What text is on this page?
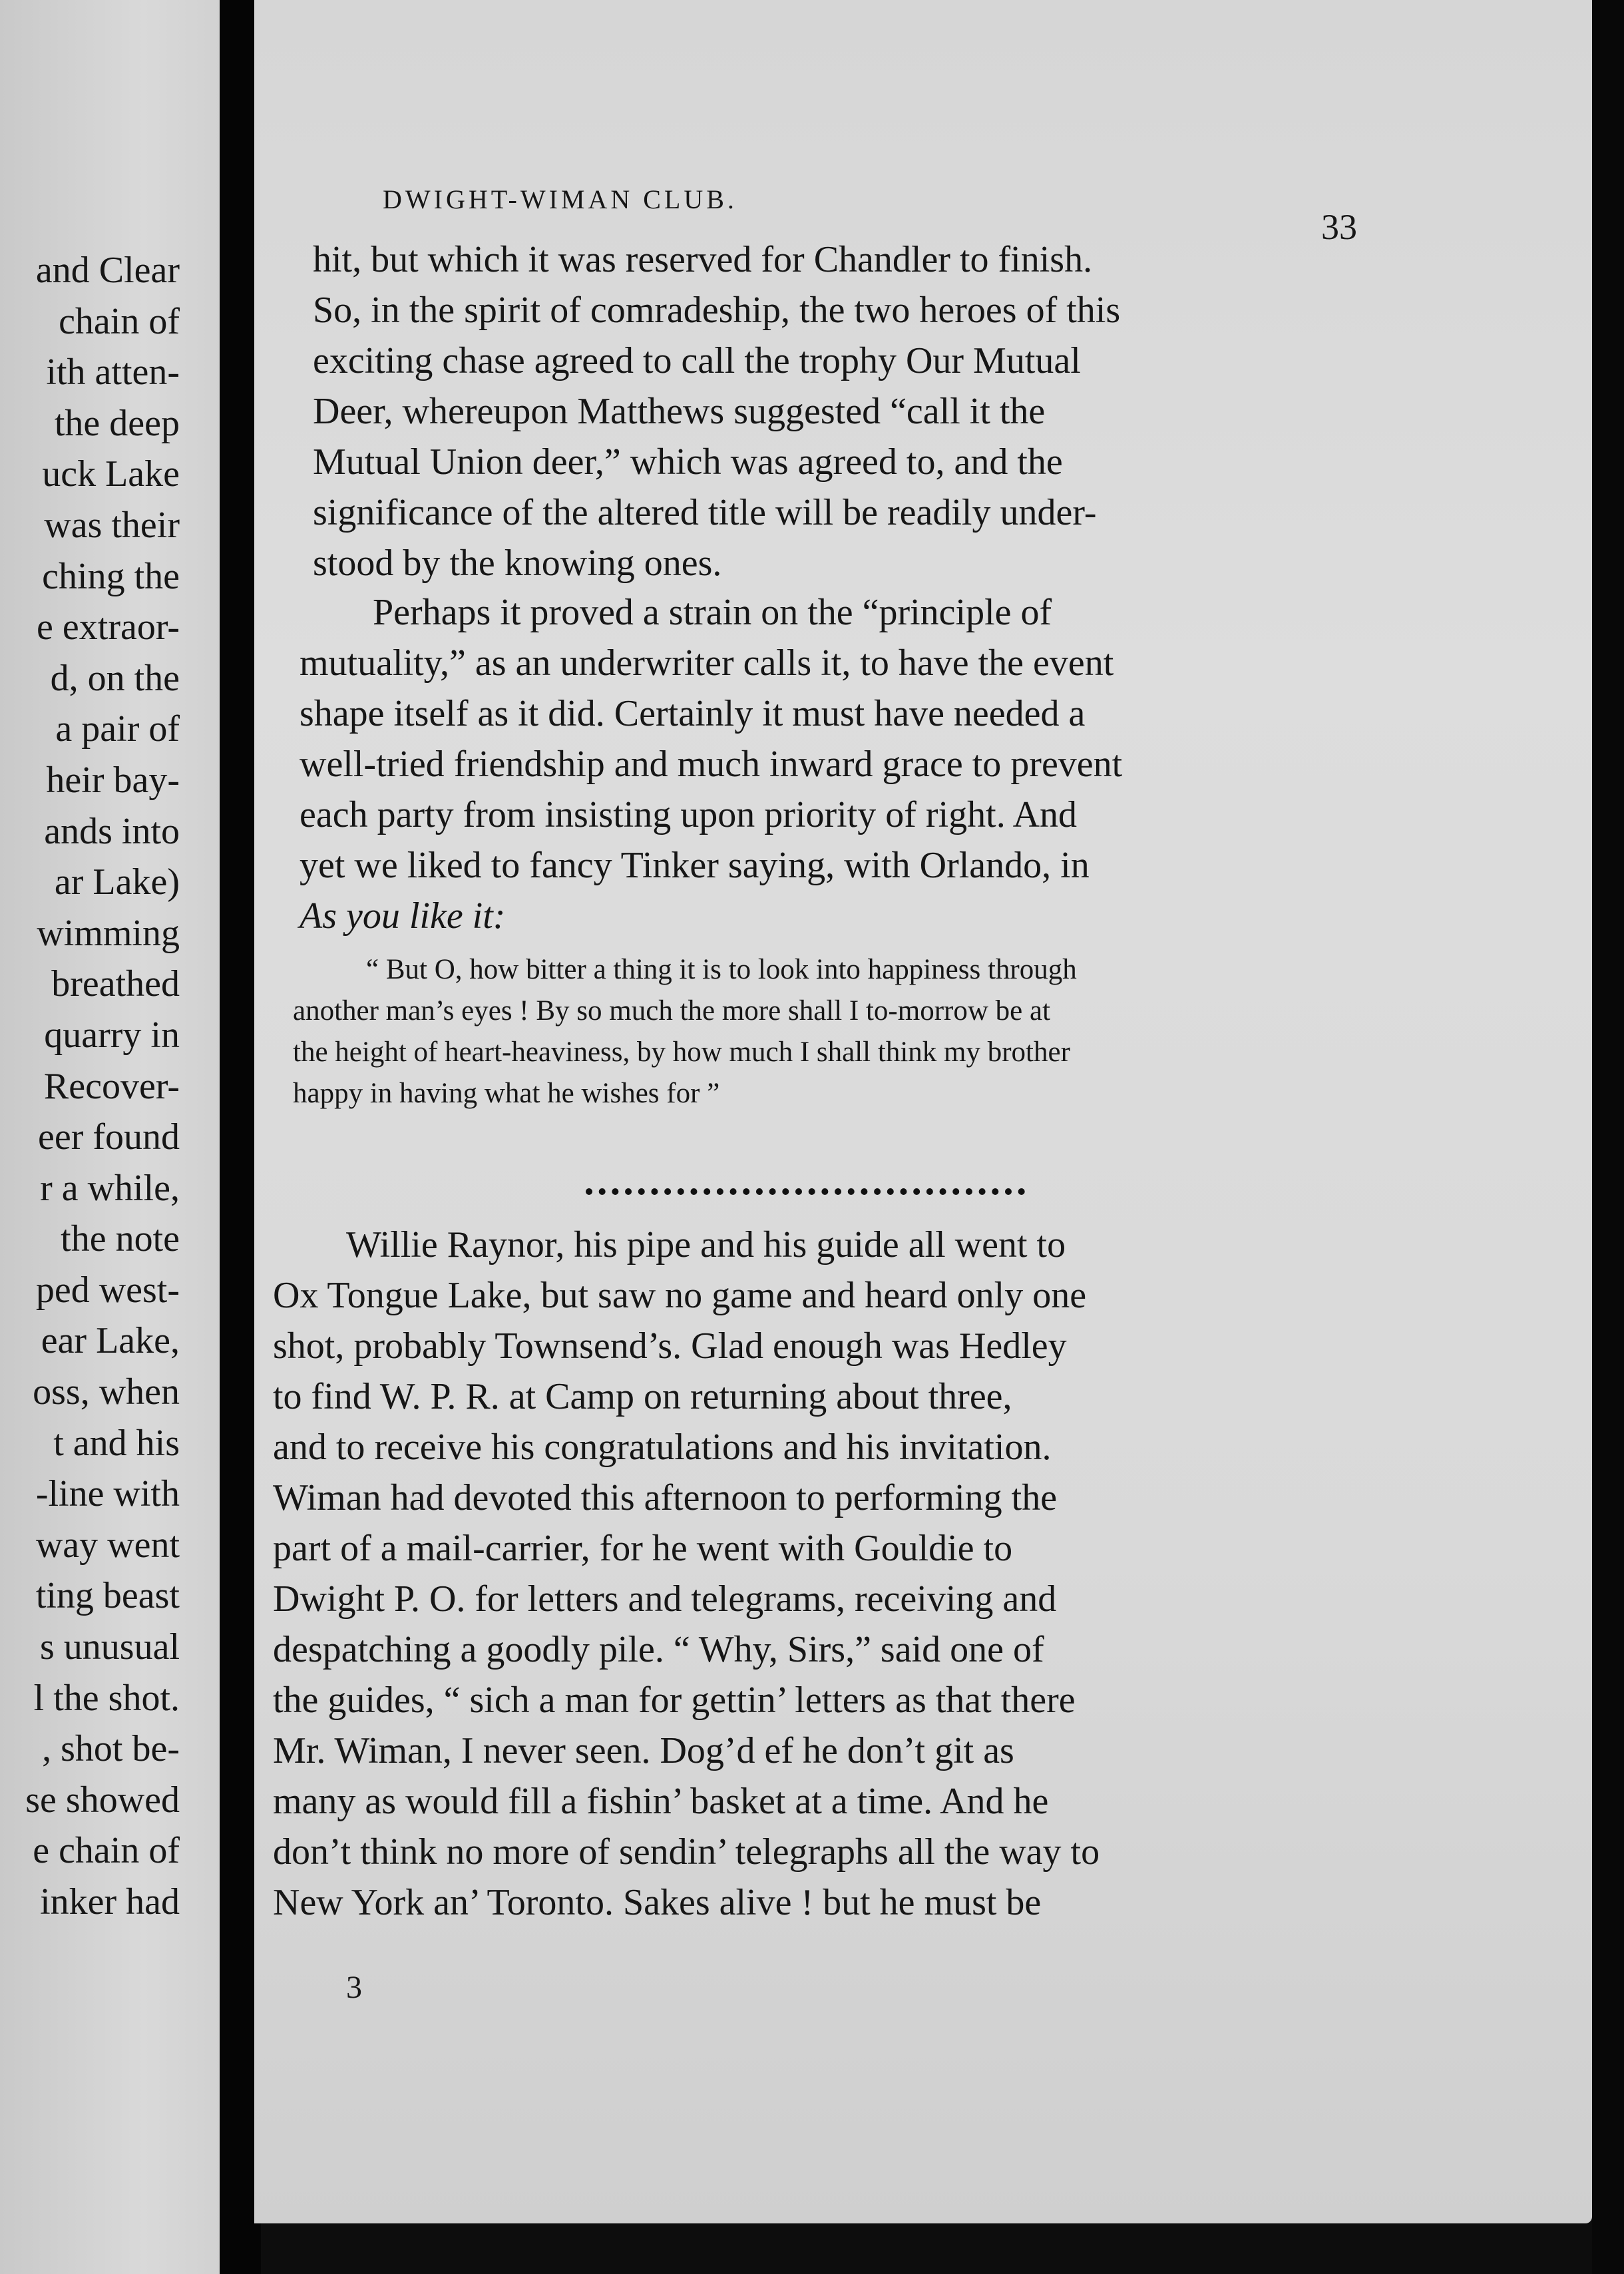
and Clear
chain of
ith atten-
the deep
uck Lake
was their
ching the
e extraor-
d, on the
a pair of
heir bay-
ands into
ar Lake)
wimming
breathed
quarry in
Recover-
eer found
r a while,
the note
ped west-
ear Lake,
oss, when
t and his
-line with
way went
ting beast
s unusual
l the shot.
, shot be-
se showed
e chain of
inker had
DWIGHT-WIMAN CLUB.
33
hit, but which it was reserved for Chandler to finish.
So, in the spirit of comradeship, the two heroes of this
exciting chase agreed to call the trophy Our Mutual
Deer, whereupon Matthews suggested “call it the
Mutual Union deer,” which was agreed to, and the
significance of the altered title will be readily under-
stood by the knowing ones.
Perhaps it proved a strain on the “principle of
mutuality,” as an underwriter calls it, to have the event
shape itself as it did. Certainly it must have needed a
well-tried friendship and much inward grace to prevent
each party from insisting upon priority of right. And
yet we liked to fancy Tinker saying, with Orlando, in
As you like it:
“ But O, how bitter a thing it is to look into happiness through
another man’s eyes ! By so much the more shall I to-morrow be at
the height of heart-heaviness, by how much I shall think my brother
happy in having what he wishes for ”
Willie Raynor, his pipe and his guide all went to
Ox Tongue Lake, but saw no game and heard only one
shot, probably Townsend’s. Glad enough was Hedley
to find W. P. R. at Camp on returning about three,
and to receive his congratulations and his invitation.
Wiman had devoted this afternoon to performing the
part of a mail-carrier, for he went with Gouldie to
Dwight P. O. for letters and telegrams, receiving and
despatching a goodly pile. “ Why, Sirs,” said one of
the guides, “ sich a man for gettin’ letters as that there
Mr. Wiman, I never seen. Dog’d ef he don’t git as
many as would fill a fishin’ basket at a time. And he
don’t think no more of sendin’ telegraphs all the way to
New York an’ Toronto. Sakes alive ! but he must be
3
